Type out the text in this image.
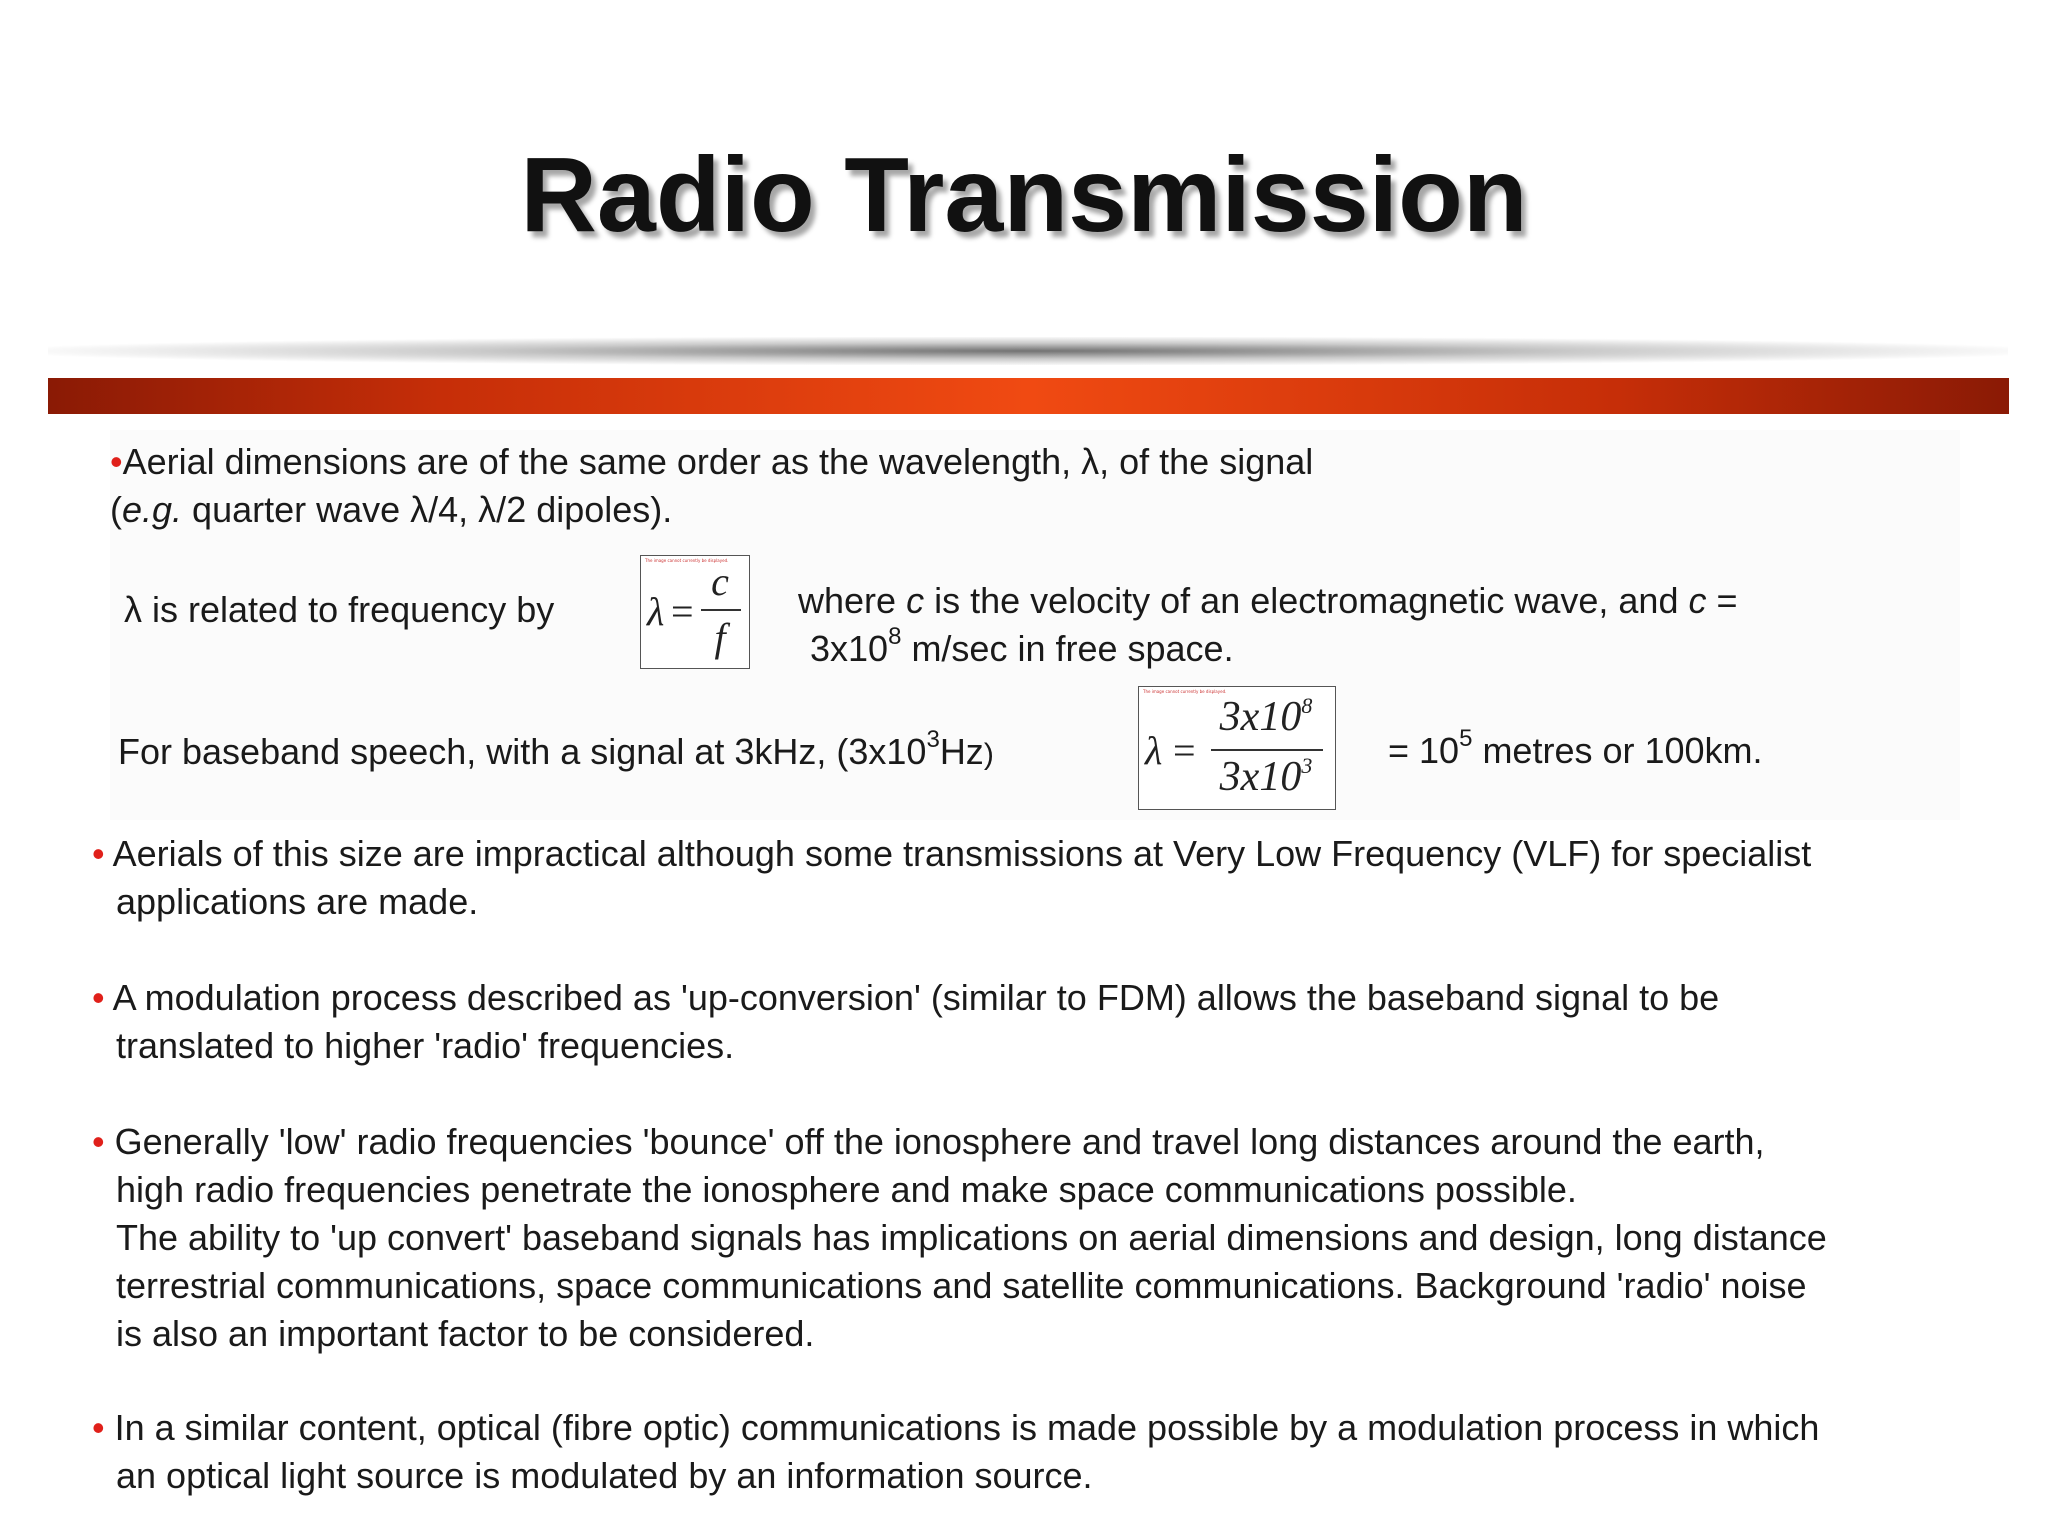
Radio Transmission
•Aerial dimensions are of the same order as the wavelength, λ, of the signal
(e.g. quarter wave λ/4, λ/2 dipoles).
λ is related to frequency by
The image cannot currently be displayed.
λ =
c
f
where c is the velocity of an electromagnetic wave, and c =
$3x10^8$ m/sec in free space.
For baseband speech, with a signal at 3kHz, $(3x10^3Hz)$
The image cannot currently be displayed.
λ =
$3x10^8$
$3x10^3 = 10^5$ metres or 100km.
• Aerials of this size are impractical although some transmissions at Very Low Frequency (VLF) for specialist
applications are made.
• A modulation process described as 'up-conversion' (similar to FDM) allows the baseband signal to be
translated to higher 'radio' frequencies.
• Generally 'low' radio frequencies 'bounce' off the ionosphere and travel long distances around the earth,
high radio frequencies penetrate the ionosphere and make space communications possible.
The ability to 'up convert' baseband signals has implications on aerial dimensions and design, long distance
terrestrial communications, space communications and satellite communications. Background 'radio' noise
is also an important factor to be considered.
• In a similar content, optical (fibre optic) communications is made possible by a modulation process in which
an optical light source is modulated by an information source.
